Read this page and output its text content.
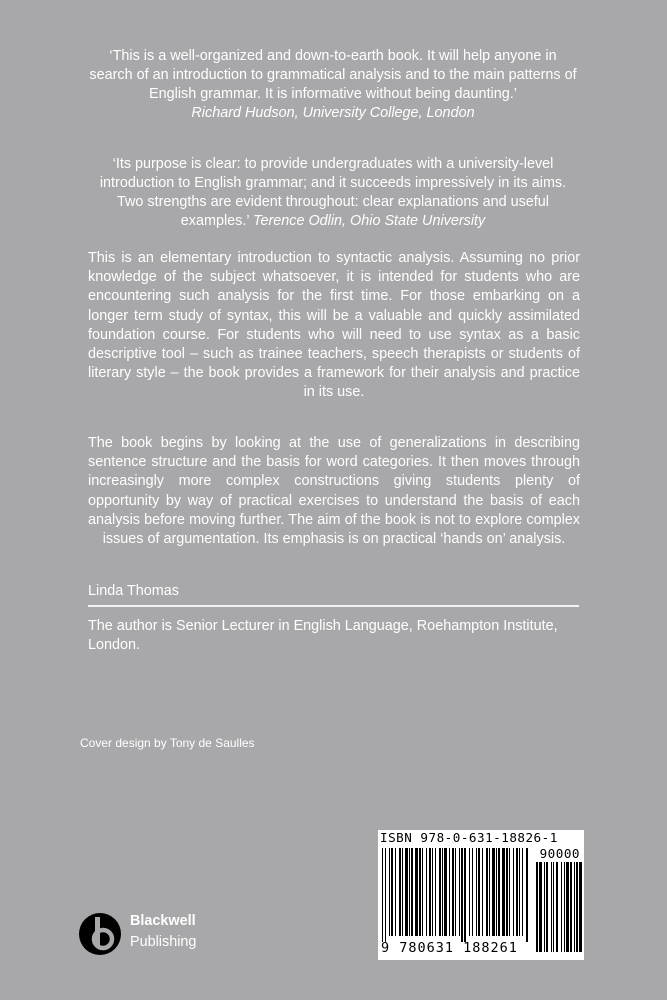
‘This is a well-organized and down-to-earth book. It will help anyone in search of an introduction to grammatical analysis and to the main patterns of English grammar. It is informative without being daunting.’
Richard Hudson, University College, London

‘Its purpose is clear: to provide undergraduates with a university-level introduction to English grammar; and it succeeds impressively in its aims. Two strengths are evident throughout: clear explanations and useful examples.’ Terence Odlin, Ohio State University

This is an elementary introduction to syntactic analysis. Assuming no prior knowledge of the subject whatsoever, it is intended for students who are encountering such analysis for the first time. For those embarking on a longer term study of syntax, this will be a valuable and quickly assimilated foundation course. For students who will need to use syntax as a basic descriptive tool – such as trainee teachers, speech therapists or students of literary style – the book provides a framework for their analysis and practice in its use.

The book begins by looking at the use of generalizations in describing sentence structure and the basis for word categories. It then moves through increasingly more complex constructions giving students plenty of opportunity by way of practical exercises to understand the basis of each analysis before moving further. The aim of the book is not to explore complex issues of argumentation. Its emphasis is on practical ‘hands on’ analysis.

Linda Thomas

The author is Senior Lecturer in English Language, Roehampton Institute, London.

Cover design by Tony de Saulles

Blackwell
Publishing
ISBN 978-0-631-18826-1
90000
9 780631 188261
